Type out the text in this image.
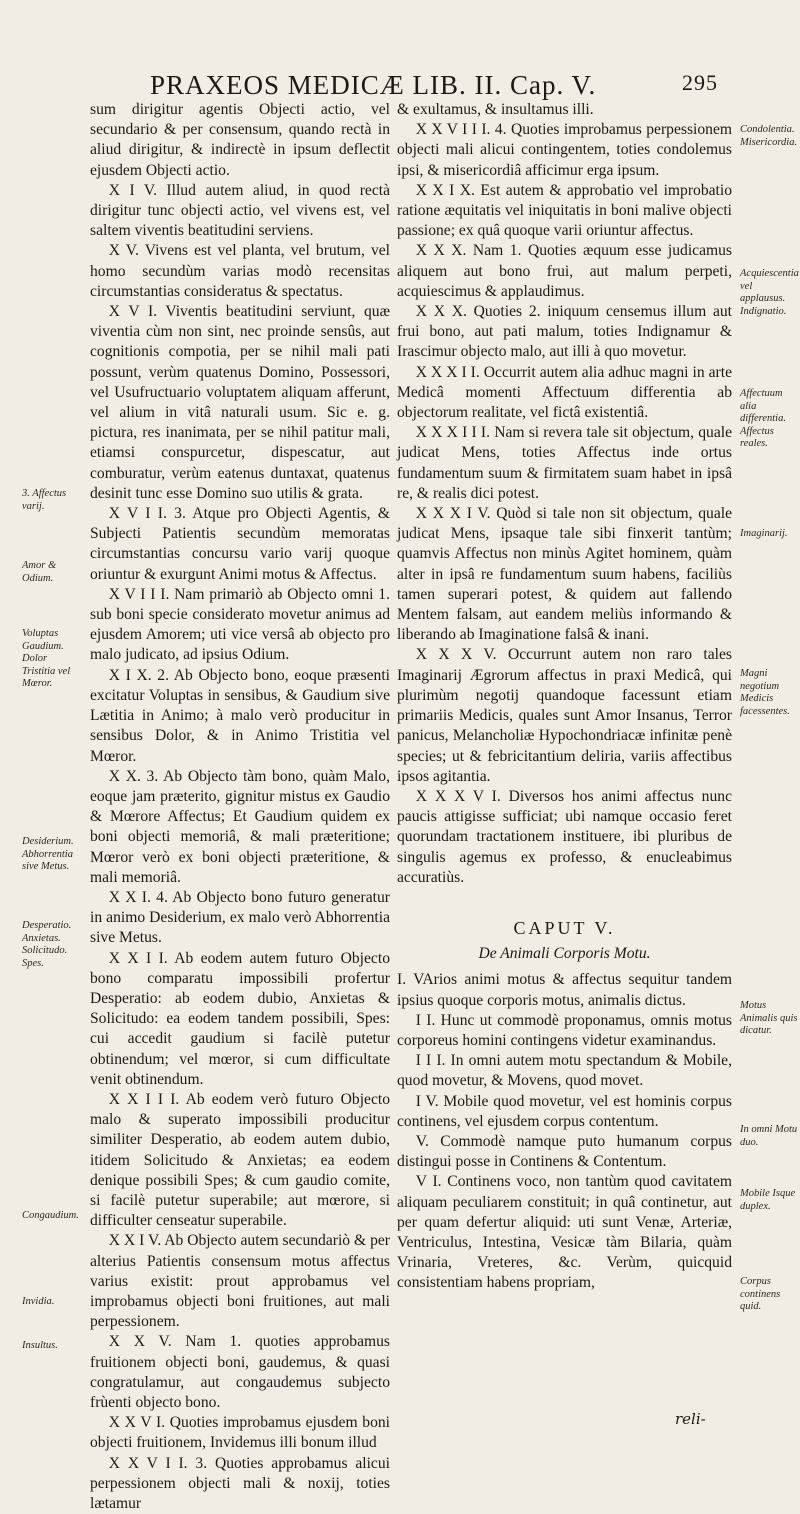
PRAXEOS MEDICÆ LIB. II. Cap. V.	295

sum dirigitur agentis Objecti actio, vel secundario & per consensum, quando rectà in aliud dirigitur, & indirectè in ipsum deflectit ejusdem Objecti actio.

X I V. Illud autem aliud, in quod rectà dirigitur tunc objecti actio, vel vivens est, vel saltem viventis beatitudini serviens.

X V. Vivens est vel planta, vel brutum, vel homo secundùm varias modò recensitas circumstantias consideratus & spectatus.

X V I. Viventis beatitudini serviunt, quæ viventia cùm non sint, nec proinde sensûs, aut cognitionis compotia, per se nihil mali pati possunt, verùm quatenus Domino, Possessori, vel Usufructuario voluptatem aliquam afferunt, vel alium in vitâ naturali usum. Sic e. g. pictura, res inanimata, per se nihil patitur mali, etiamsi conspurcetur, dispescatur, aut comburatur, verùm eatenus duntaxat, quatenus desinit tunc esse Domino suo utilis & grata.

X V I I. 3. Atque pro Objecti Agentis, & Subjecti Patientis secundùm memoratas circumstantias concursu vario varij quoque oriuntur & exurgunt Animi motus & Affectus.

X V I I I. Nam primariò ab Objecto omni 1. sub boni specie considerato movetur animus ad ejusdem Amorem; uti vice versâ ab objecto pro malo judicato, ad ipsius Odium.

X I X. 2. Ab Objecto bono, eoque præsenti excitatur Voluptas in sensibus, & Gaudium sive Lætitia in Animo; à malo verò producitur in sensibus Dolor, & in Animo Tristitia vel Mœror.

X X. 3. Ab Objecto tàm bono, quàm Malo, eoque jam præterito, gignitur mistus ex Gaudio & Mœrore Affectus; Et Gaudium quidem ex boni objecti memoriâ, & mali præteritione; Mœror verò ex boni objecti præteritione, & mali memoriâ.

X X I. 4. Ab Objecto bono futuro generatur in animo Desiderium, ex malo verò Abhorrentia sive Metus.

X X I I. Ab eodem autem futuro Objecto bono comparatu impossibili profertur Desperatio: ab eodem dubio, Anxietas & Solicitudo: ea eodem tandem possibili, Spes: cui accedit gaudium si facilè putetur obtinendum; vel mœror, si cum difficultate venit obtinendum.

X X I I I. Ab eodem verò futuro Objecto malo & superato impossibili producitur similiter Desperatio, ab eodem autem dubio, itidem Solicitudo & Anxietas; ea eodem denique possibili Spes; & cum gaudio comite, si facilè putetur superabile; aut mœrore, si difficulter censeatur superabile.

X X I V. Ab Objecto autem secundariò & per alterius Patientis consensum motus affectus varius existit: prout approbamus vel improbamus objecti boni fruitiones, aut mali perpessionem.

X X V. Nam 1. quoties approbamus fruitionem objecti boni, gaudemus, & quasi congratulamur, aut congaudemus subjecto frùenti objecto bono.

X X V I. Quoties improbamus ejusdem boni objecti fruitionem, Invidemus illi bonum illud

X X V I I. 3. Quoties approbamus alicui perpessionem objecti mali & noxij, toties lætamur

& exultamus, & insultamus illi.

X X V I I I. 4. Quoties improbamus perpessionem objecti mali alicui contingentem, toties condolemus ipsi, & misericordiâ afficimur erga ipsum.

X X I X. Est autem & approbatio vel improbatio ratione æquitatis vel iniquitatis in boni malive objecti passione; ex quâ quoque varii oriuntur affectus.

X X X. Nam 1. Quoties æquum esse judicamus aliquem aut bono frui, aut malum perpeti, acquiescimus & applaudimus.

X X X. Quoties 2. iniquum censemus illum aut frui bono, aut pati malum, toties Indignamur & Irascimur objecto malo, aut illi à quo movetur.

X X X I I. Occurrit autem alia adhuc magni in arte Medicâ momenti Affectuum differentia ab objectorum realitate, vel fictâ existentiâ.

X X X I I I. Nam si revera tale sit objectum, quale judicat Mens, toties Affectus inde ortus fundamentum suum & firmitatem suam habet in ipsâ re, & realis dici potest.

X X X I V. Quòd si tale non sit objectum, quale judicat Mens, ipsaque tale sibi finxerit tantùm; quamvis Affectus non minùs Agitet hominem, quàm alter in ipsâ re fundamentum suum habens, faciliùs tamen superari potest, & quidem aut fallendo Mentem falsam, aut eandem meliùs informando & liberando ab Imaginatione falsâ & inani.

X X X V. Occurrunt autem non raro tales Imaginarij Ægrorum affectus in praxi Medicâ, qui plurimùm negotij quandoque facessunt etiam primariis Medicis, quales sunt Amor Insanus, Terror panicus, Melancholiæ Hypochondriacæ infinitæ penè species; ut & febricitantium deliria, variis affectibus ipsos agitantia.

X X X V I. Diversos hos animi affectus nunc paucis attigisse sufficiat; ubi namque occasio feret quorundam tractationem instituere, ibi pluribus de singulis agemus ex professo, & enucleabimus accuratiùs.

CAPUT V.
De Animali Corporis Motu.

I. VArios animi motus & affectus sequitur tandem ipsius quoque corporis motus, animalis dictus.

I I. Hunc ut commodè proponamus, omnis motus corporeus homini contingens videtur examinandus.

I I I. In omni autem motu spectandum & Mobile, quod movetur, & Movens, quod movet.

I V. Mobile quod movetur, vel est hominis corpus continens, vel ejusdem corpus contentum.

V. Commodè namque puto humanum corpus distingui posse in Continens & Contentum.

V I. Continens voco, non tantùm quod cavitatem aliquam peculiarem constituit; in quâ continetur, aut per quam defertur aliquid: uti sunt Venæ, Arteriæ, Ventriculus, Intestina, Vesicæ tàm Bilaria, quàm Vrinaria, Vreteres, &c. Verùm, quicquid consistentiam habens propriam,

reli-
3. Affectus varij.
Amor & Odium.
Voluptas Gaudium. Dolor Tristitia vel Mœror.
Desiderium. Abhorrentia sive Metus.
Desperatio. Anxietas. Solicitudo. Spes.
Congaudium.
Invidia.
Insultus.
Condolentia. Misericordia.
Acquiescentia vel applausus. Indignatio.
Affectuum alia differentia. Affectus reales.
Imaginarij.
Magni negotium Medicis facessentes.
Motus Animalis quis dicatur.
In omni Motu duo.
Mobile Isque duplex.
Corpus continens quid.
